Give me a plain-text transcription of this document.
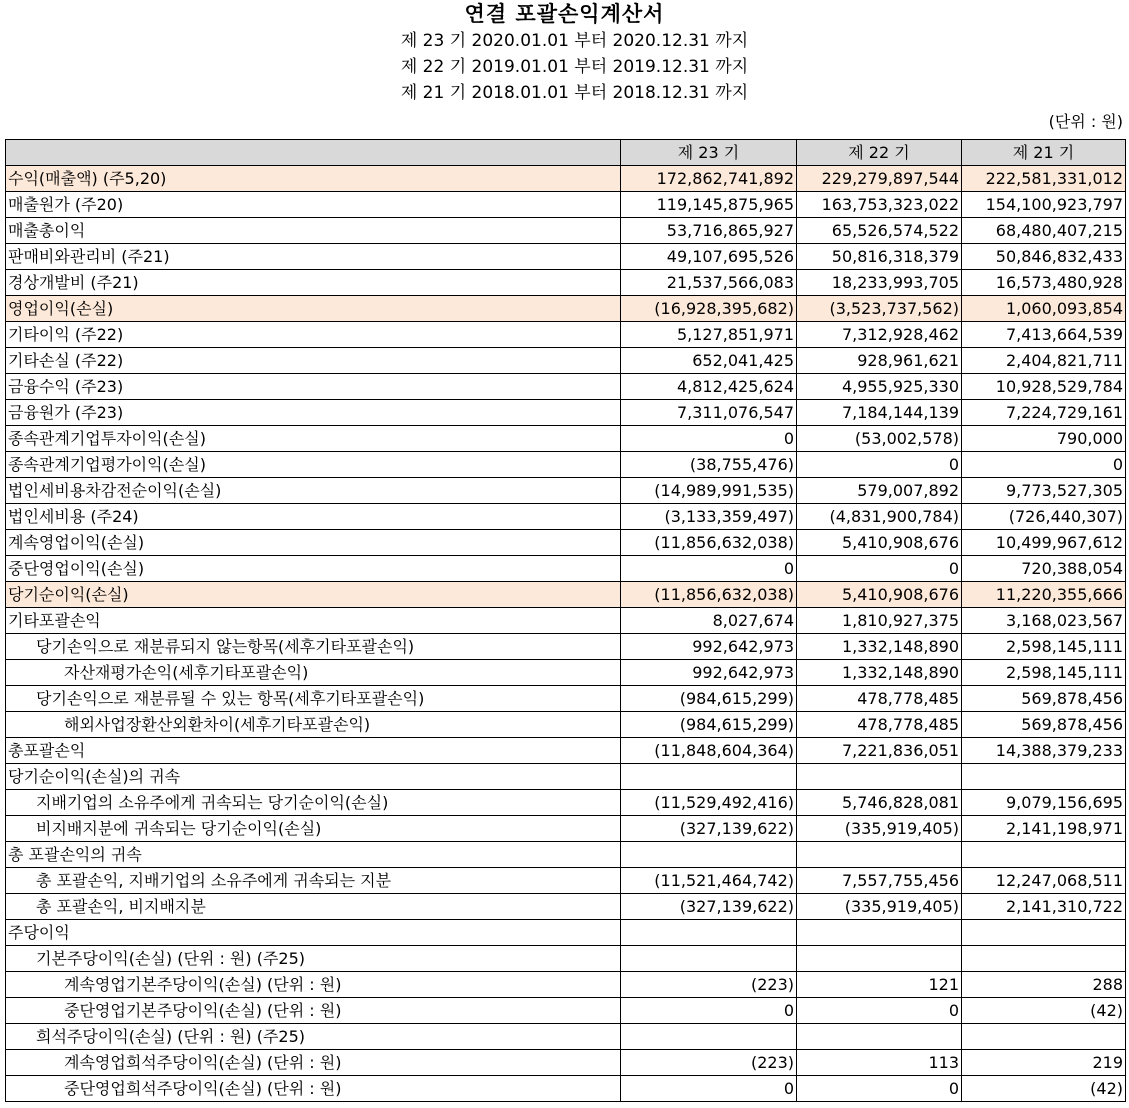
연결 포괄손익계산서
제 23 기 2020.01.01 부터 2020.12.31 까지
제 22 기 2019.01.01 부터 2019.12.31 까지
제 21 기 2018.01.01 부터 2018.12.31 까지
(단위 : 원)
	제 23 기	제 22 기	제 21 기
수익(매출액) (주5,20)	172,862,741,892	229,279,897,544	222,581,331,012
매출원가 (주20)	119,145,875,965	163,753,323,022	154,100,923,797
매출총이익	53,716,865,927	65,526,574,522	68,480,407,215
판매비와관리비 (주21)	49,107,695,526	50,816,318,379	50,846,832,433
경상개발비 (주21)	21,537,566,083	18,233,993,705	16,573,480,928
영업이익(손실)	(16,928,395,682)	(3,523,737,562)	1,060,093,854
기타이익 (주22)	5,127,851,971	7,312,928,462	7,413,664,539
기타손실 (주22)	652,041,425	928,961,621	2,404,821,711
금융수익 (주23)	4,812,425,624	4,955,925,330	10,928,529,784
금융원가 (주23)	7,311,076,547	7,184,144,139	7,224,729,161
종속관계기업투자이익(손실)	0	(53,002,578)	790,000
종속관계기업평가이익(손실)	(38,755,476)	0	0
법인세비용차감전순이익(손실)	(14,989,991,535)	579,007,892	9,773,527,305
법인세비용 (주24)	(3,133,359,497)	(4,831,900,784)	(726,440,307)
계속영업이익(손실)	(11,856,632,038)	5,410,908,676	10,499,967,612
중단영업이익(손실)	0	0	720,388,054
당기순이익(손실)	(11,856,632,038)	5,410,908,676	11,220,355,666
기타포괄손익	8,027,674	1,810,927,375	3,168,023,567
당기손익으로 재분류되지 않는항목(세후기타포괄손익)	992,642,973	1,332,148,890	2,598,145,111
자산재평가손익(세후기타포괄손익)	992,642,973	1,332,148,890	2,598,145,111
당기손익으로 재분류될 수 있는 항목(세후기타포괄손익)	(984,615,299)	478,778,485	569,878,456
해외사업장환산외환차이(세후기타포괄손익)	(984,615,299)	478,778,485	569,878,456
총포괄손익	(11,848,604,364)	7,221,836,051	14,388,379,233
당기순이익(손실)의 귀속			
지배기업의 소유주에게 귀속되는 당기순이익(손실)	(11,529,492,416)	5,746,828,081	9,079,156,695
비지배지분에 귀속되는 당기순이익(손실)	(327,139,622)	(335,919,405)	2,141,198,971
총 포괄손익의 귀속			
총 포괄손익, 지배기업의 소유주에게 귀속되는 지분	(11,521,464,742)	7,557,755,456	12,247,068,511
총 포괄손익, 비지배지분	(327,139,622)	(335,919,405)	2,141,310,722
주당이익			
기본주당이익(손실) (단위 : 원) (주25)			
계속영업기본주당이익(손실) (단위 : 원)	(223)	121	288
중단영업기본주당이익(손실) (단위 : 원)	0	0	(42)
희석주당이익(손실) (단위 : 원) (주25)			
계속영업희석주당이익(손실) (단위 : 원)	(223)	113	219
중단영업희석주당이익(손실) (단위 : 원)	0	0	(42)
